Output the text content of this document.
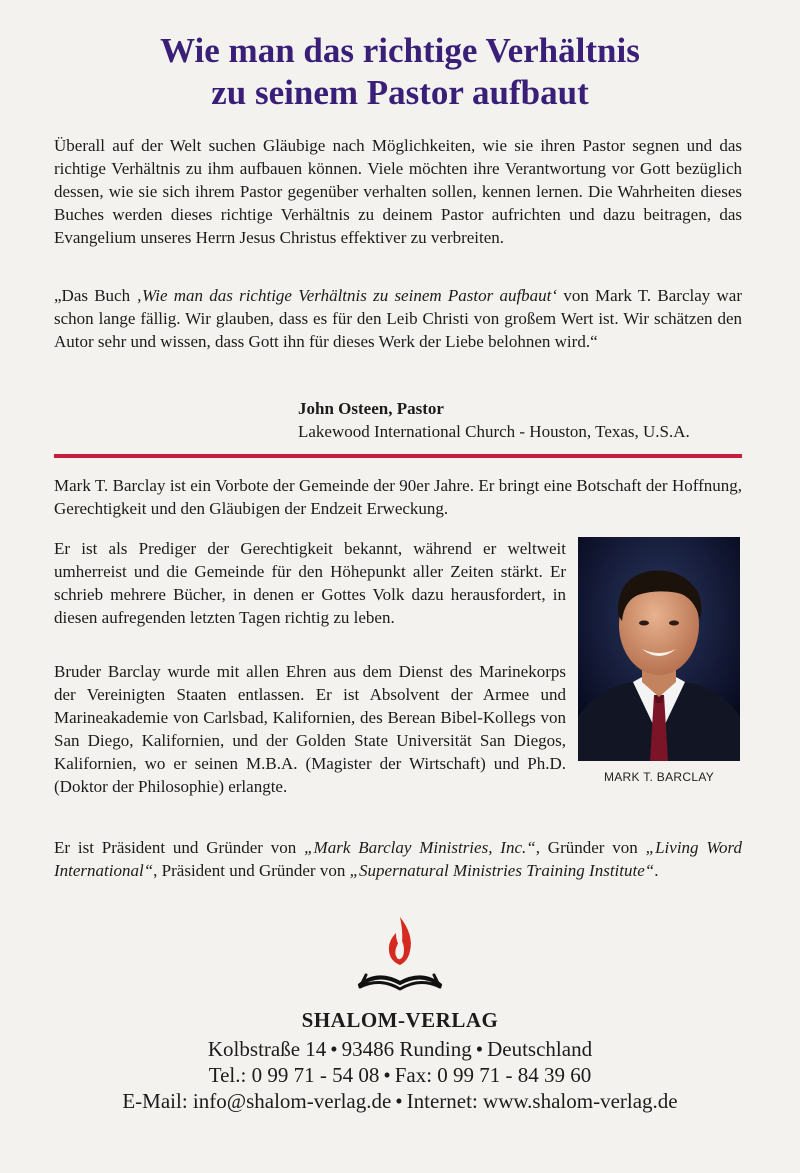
Wie man das richtige Verhältnis
zu seinem Pastor aufbaut

Überall auf der Welt suchen Gläubige nach Möglichkeiten, wie sie ihren Pastor segnen und das richtige Verhältnis zu ihm aufbauen können. Viele möchten ihre Verantwortung vor Gott bezüglich dessen, wie sie sich ihrem Pastor gegenüber verhalten sollen, kennen lernen. Die Wahrheiten dieses Buches werden dieses richtige Verhältnis zu deinem Pastor aufrichten und dazu beitragen, das Evangelium unseres Herrn Jesus Christus effektiver zu verbreiten.

„Das Buch ‚Wie man das richtige Verhältnis zu seinem Pastor aufbaut‘ von Mark T. Barclay war schon lange fällig. Wir glauben, dass es für den Leib Christi von großem Wert ist. Wir schätzen den Autor sehr und wissen, dass Gott ihn für dieses Werk der Liebe belohnen wird.“

John Osteen, Pastor
Lakewood International Church - Houston, Texas, U.S.A.

Mark T. Barclay ist ein Vorbote der Gemeinde der 90er Jahre. Er bringt eine Botschaft der Hoffnung, Gerechtigkeit und den Gläubigen der Endzeit Erweckung.

Er ist als Prediger der Gerechtigkeit bekannt, während er weltweit umherreist und die Gemeinde für den Höhepunkt aller Zeiten stärkt. Er schrieb mehrere Bücher, in denen er Gottes Volk dazu herausfordert, in diesen aufregenden letzten Tagen richtig zu leben.

Bruder Barclay wurde mit allen Ehren aus dem Dienst des Marinekorps der Vereinigten Staaten entlassen. Er ist Absolvent der Armee und Marineakademie von Carlsbad, Kalifornien, des Berean Bibel-Kollegs von San Diego, Kalifornien, und der Golden State Universität San Diegos, Kalifornien, wo er seinen M.B.A. (Magister der Wirtschaft) und Ph.D. (Doktor der Philosophie) erlangte.	MARK T. BARCLAY

Er ist Präsident und Gründer von „Mark Barclay Ministries, Inc.“, Gründer von „Living Word International“, Präsident und Gründer von „Supernatural Ministries Training Institute“.

SHALOM-VERLAG
Kolbstraße 14 • 93486 Runding • Deutschland
Tel.: 0 99 71 - 54 08 • Fax: 0 99 71 - 84 39 60
E-Mail: info@shalom-verlag.de • Internet: www.shalom-verlag.de
